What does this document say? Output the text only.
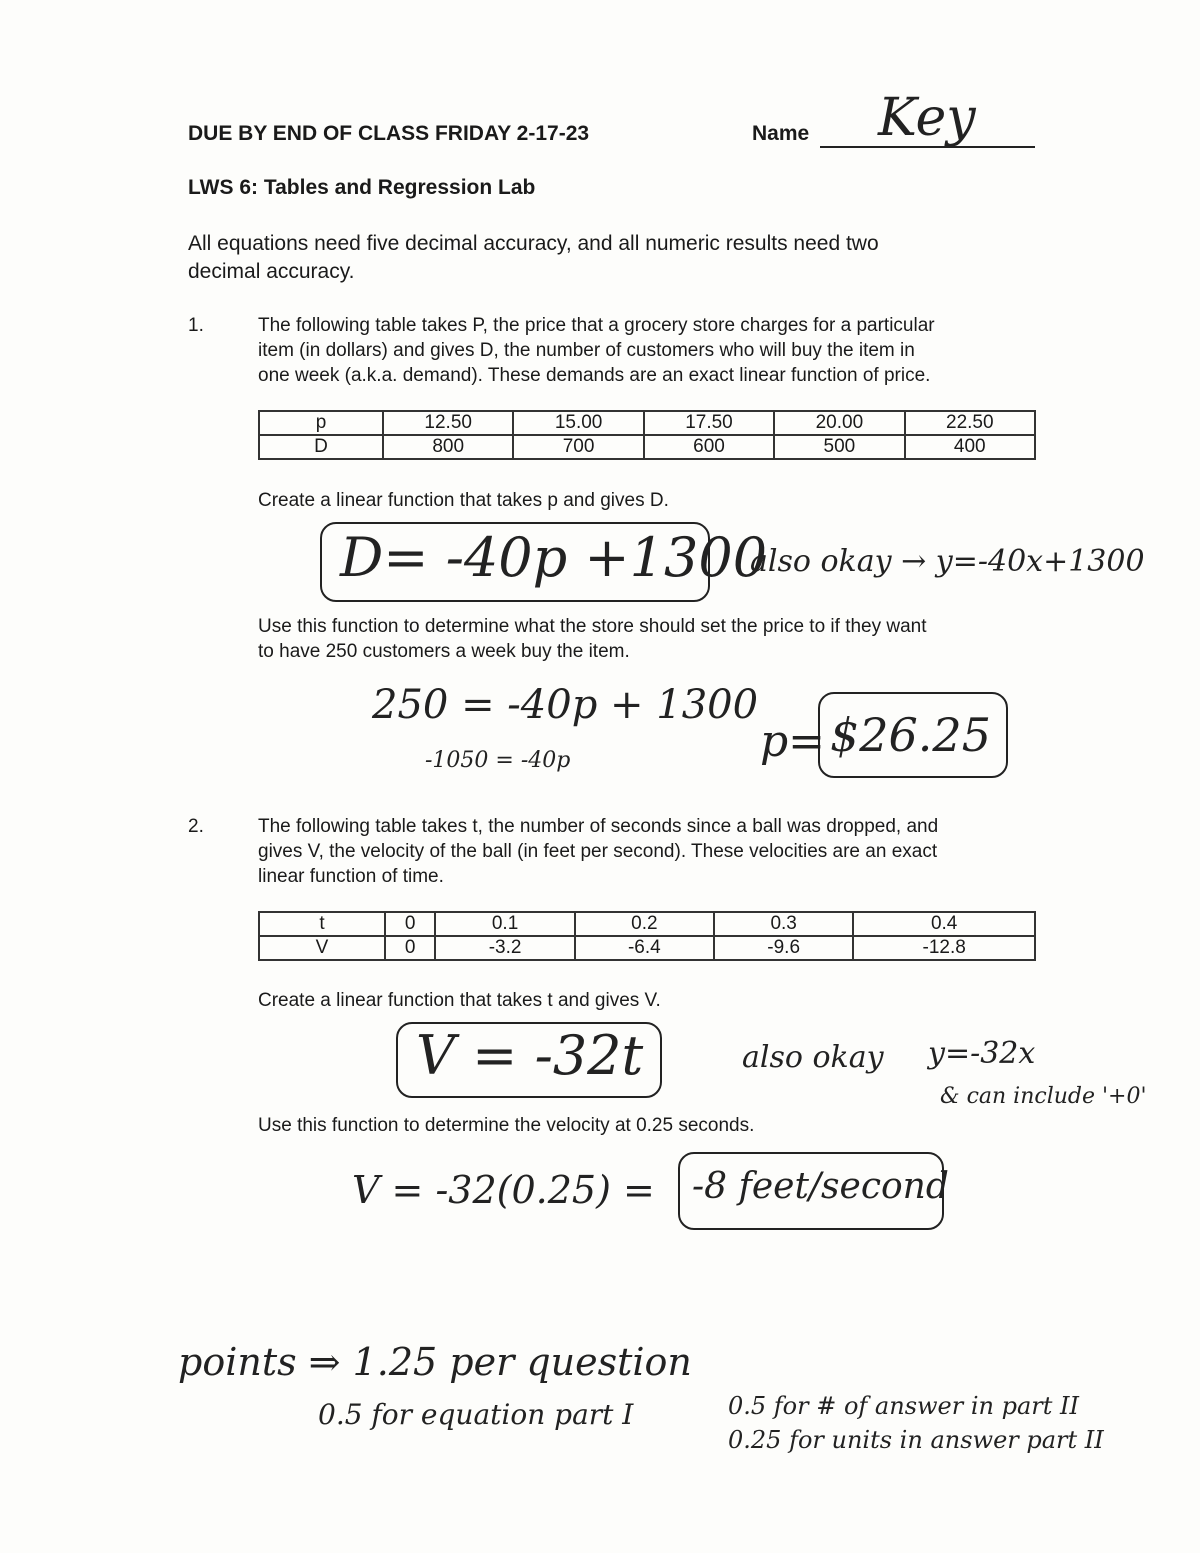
DUE BY END OF CLASS FRIDAY 2-17-23	Name Key
LWS 6: Tables and Regression Lab
All equations need five decimal accuracy, and all numeric results need two
decimal accuracy.
1.	The following table takes P, the price that a grocery store charges for a particular
item (in dollars) and gives D, the number of customers who will buy the item in
one week (a.k.a. demand). These demands are an exact linear function of price.
p	12.50	15.00	17.50	20.00	22.50
D	800	700	600	500	400
Create a linear function that takes p and gives D.
D= -40p +1300
also okay → y=-40x+1300
Use this function to determine what the store should set the price to if they want
to have 250 customers a week buy the item.
250 = -40p + 1300
-1050 = -40p	p= $26.25
2.	The following table takes t, the number of seconds since a ball was dropped, and
gives V, the velocity of the ball (in feet per second). These velocities are an exact
linear function of time.
t	0	0.1	0.2	0.3	0.4
V	0	-3.2	-6.4	-9.6	-12.8
Create a linear function that takes t and gives V.
V = -32t	also okay y=-32x
& can include '+0'
Use this function to determine the velocity at 0.25 seconds.
V = -32(0.25) = -8 feet/second
points ⇒ 1.25 per question
0.5 for equation part I	0.5 for # of answer in part II
0.25 for units in answer part II
